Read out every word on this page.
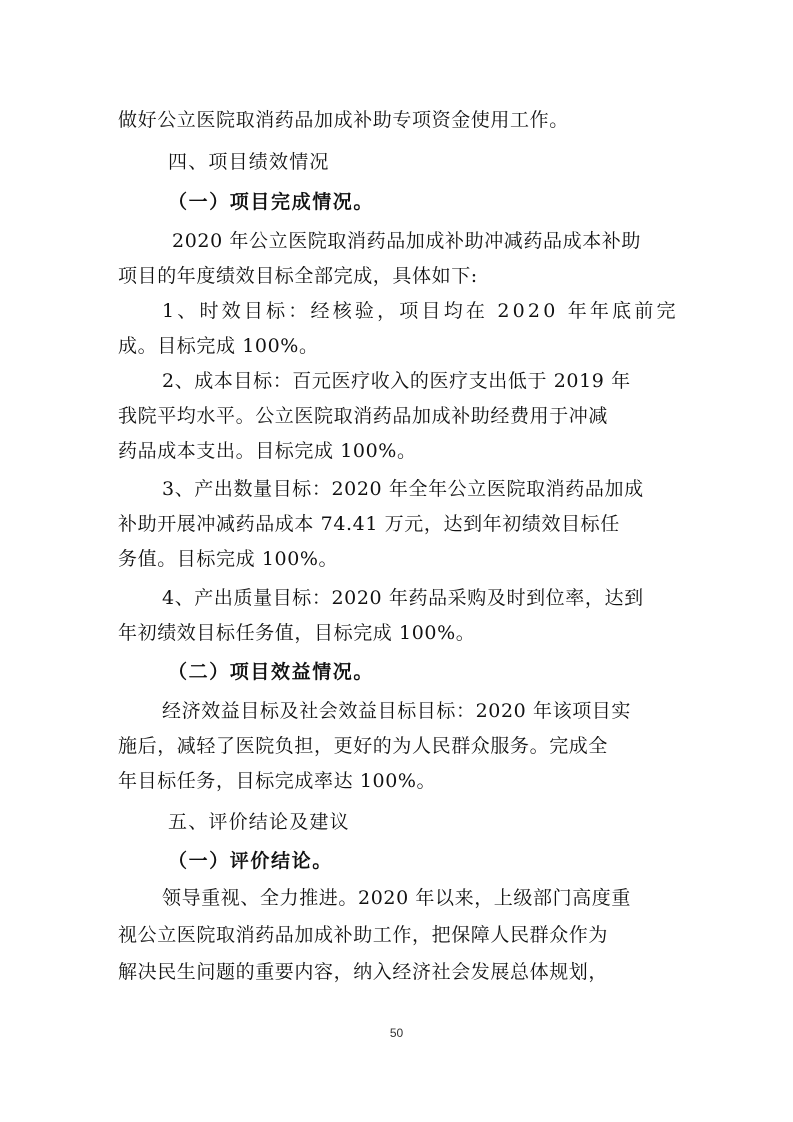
做好公立医院取消药品加成补助专项资金使用工作。
四、项目绩效情况
（一）项目完成情况。
2020 年公立医院取消药品加成补助冲减药品成本补助
项目的年度绩效目标全部完成，具体如下:
1、时效目标：经核验，项目均在 2020 年年底前完
成。目标完成 100%。
2、成本目标：百元医疗收入的医疗支出低于 2019 年
我院平均水平。公立医院取消药品加成补助经费用于冲减
药品成本支出。目标完成 100%。
3、产出数量目标：2020 年全年公立医院取消药品加成
补助开展冲减药品成本 74.41 万元，达到年初绩效目标任
务值。目标完成 100%。
4、产出质量目标：2020 年药品采购及时到位率，达到
年初绩效目标任务值，目标完成 100%。
（二）项目效益情况。
经济效益目标及社会效益目标目标：2020 年该项目实
施后，减轻了医院负担，更好的为人民群众服务。完成全
年目标任务，目标完成率达 100%。
五、评价结论及建议
（一）评价结论。
领导重视、全力推进。2020 年以来，上级部门高度重
视公立医院取消药品加成补助工作，把保障人民群众作为
解决民生问题的重要内容，纳入经济社会发展总体规划，
50
